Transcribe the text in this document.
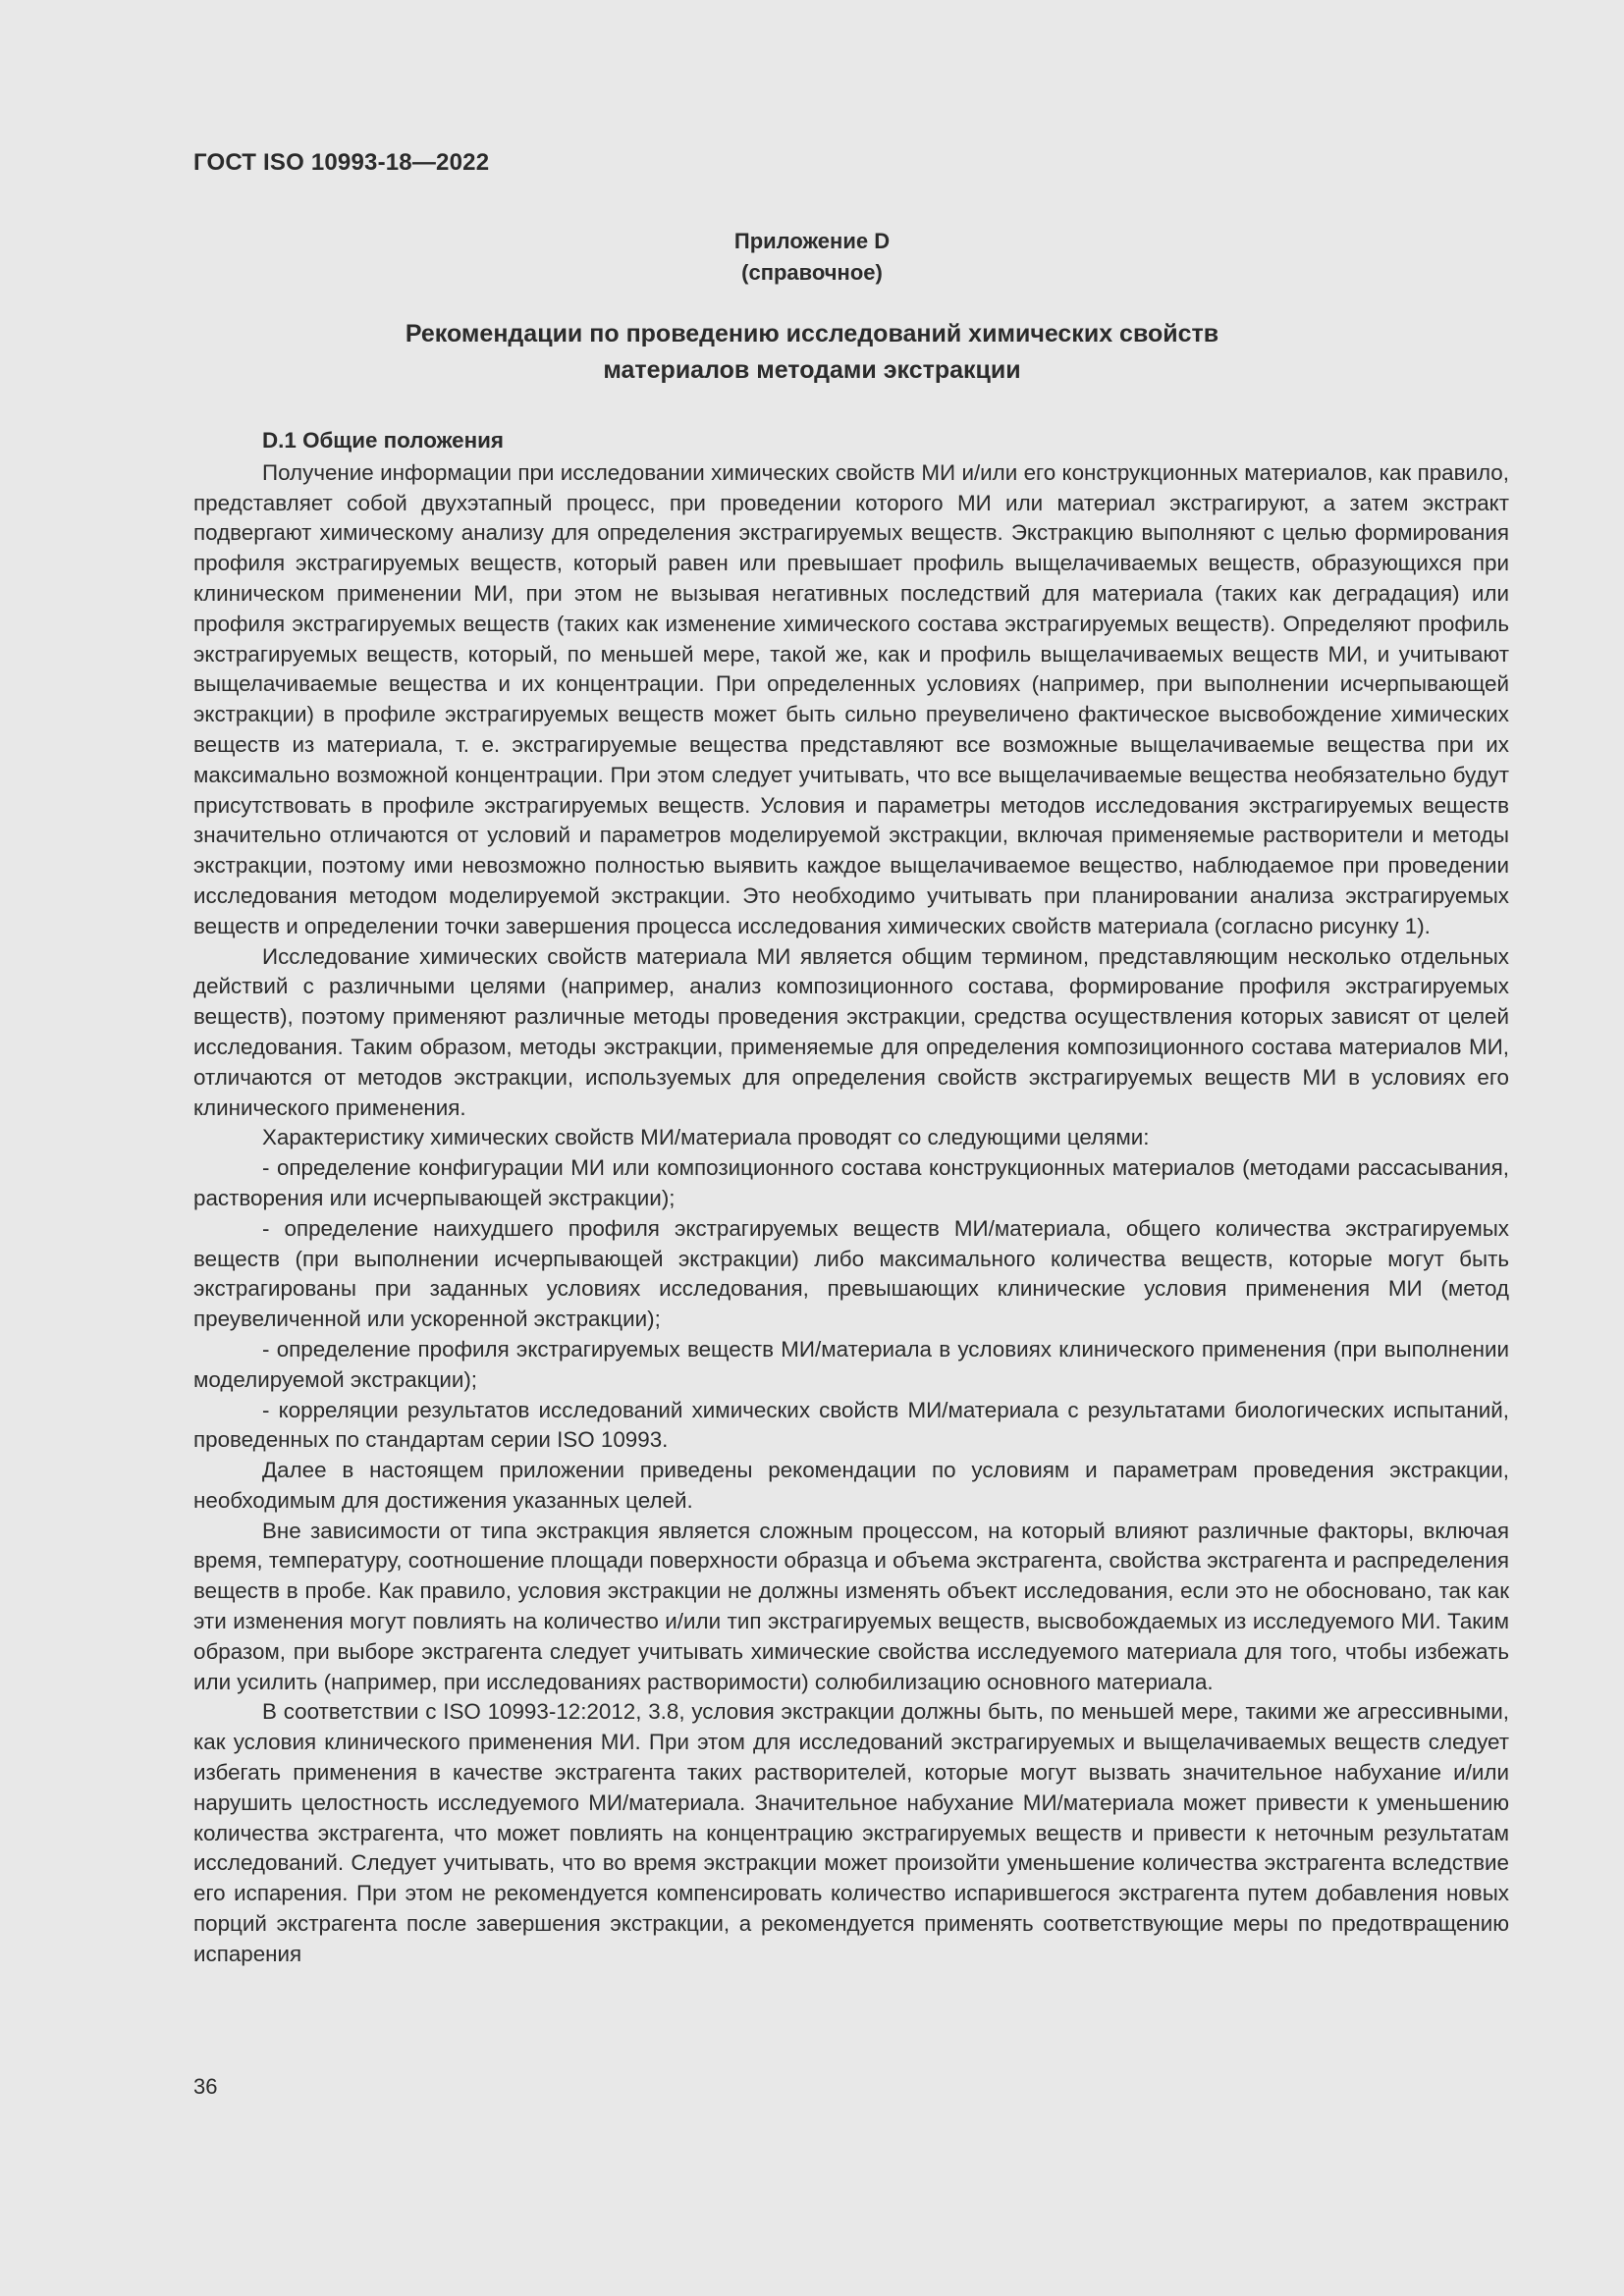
ГОСТ ISO 10993-18—2022
Приложение D
(справочное)
Рекомендации по проведению исследований химических свойств
материалов методами экстракции
D.1 Общие положения

Получение информации при исследовании химических свойств МИ и/или его конструкционных материалов, как правило, представляет собой двухэтапный процесс, при проведении которого МИ или материал экстрагируют, а затем экстракт подвергают химическому анализу для определения экстрагируемых веществ. Экстракцию выполняют с целью формирования профиля экстрагируемых веществ, который равен или превышает профиль выщелачиваемых веществ, образующихся при клиническом применении МИ, при этом не вызывая негативных последствий для материала (таких как деградация) или профиля экстрагируемых веществ (таких как изменение химического состава экстрагируемых веществ). Определяют профиль экстрагируемых веществ, который, по меньшей мере, такой же, как и профиль выщелачиваемых веществ МИ, и учитывают выщелачиваемые вещества и их концентрации. При определенных условиях (например, при выполнении исчерпывающей экстракции) в профиле экстрагируемых веществ может быть сильно преувеличено фактическое высвобождение химических веществ из материала, т. е. экстрагируемые вещества представляют все возможные выщелачиваемые вещества при их максимально возможной концентрации. При этом следует учитывать, что все выщелачиваемые вещества необязательно будут присутствовать в профиле экстрагируемых веществ. Условия и параметры методов исследования экстрагируемых веществ значительно отличаются от условий и параметров моделируемой экстракции, включая применяемые растворители и методы экстракции, поэтому ими невозможно полностью выявить каждое выщелачиваемое вещество, наблюдаемое при проведении исследования методом моделируемой экстракции. Это необходимо учитывать при планировании анализа экстрагируемых веществ и определении точки завершения процесса исследования химических свойств материала (согласно рисунку 1).

Исследование химических свойств материала МИ является общим термином, представляющим несколько отдельных действий с различными целями (например, анализ композиционного состава, формирование профиля экстрагируемых веществ), поэтому применяют различные методы проведения экстракции, средства осуществления которых зависят от целей исследования. Таким образом, методы экстракции, применяемые для определения композиционного состава материалов МИ, отличаются от методов экстракции, используемых для определения свойств экстрагируемых веществ МИ в условиях его клинического применения.

Характеристику химических свойств МИ/материала проводят со следующими целями:

- определение конфигурации МИ или композиционного состава конструкционных материалов (методами рассасывания, растворения или исчерпывающей экстракции);

- определение наихудшего профиля экстрагируемых веществ МИ/материала, общего количества экстрагируемых веществ (при выполнении исчерпывающей экстракции) либо максимального количества веществ, которые могут быть экстрагированы при заданных условиях исследования, превышающих клинические условия применения МИ (метод преувеличенной или ускоренной экстракции);

- определение профиля экстрагируемых веществ МИ/материала в условиях клинического применения (при выполнении моделируемой экстракции);

- корреляции результатов исследований химических свойств МИ/материала с результатами биологических испытаний, проведенных по стандартам серии ISO 10993.

Далее в настоящем приложении приведены рекомендации по условиям и параметрам проведения экстракции, необходимым для достижения указанных целей.

Вне зависимости от типа экстракция является сложным процессом, на который влияют различные факторы, включая время, температуру, соотношение площади поверхности образца и объема экстрагента, свойства экстрагента и распределения веществ в пробе. Как правило, условия экстракции не должны изменять объект исследования, если это не обосновано, так как эти изменения могут повлиять на количество и/или тип экстрагируемых веществ, высвобождаемых из исследуемого МИ. Таким образом, при выборе экстрагента следует учитывать химические свойства исследуемого материала для того, чтобы избежать или усилить (например, при исследованиях растворимости) солюбилизацию основного материала.

В соответствии с ISO 10993-12:2012, 3.8, условия экстракции должны быть, по меньшей мере, такими же агрессивными, как условия клинического применения МИ. При этом для исследований экстрагируемых и выщелачиваемых веществ следует избегать применения в качестве экстрагента таких растворителей, которые могут вызвать значительное набухание и/или нарушить целостность исследуемого МИ/материала. Значительное набухание МИ/материала может привести к уменьшению количества экстрагента, что может повлиять на концентрацию экстрагируемых веществ и привести к неточным результатам исследований. Следует учитывать, что во время экстракции может произойти уменьшение количества экстрагента вследствие его испарения. При этом не рекомендуется компенсировать количество испарившегося экстрагента путем добавления новых порций экстрагента после завершения экстракции, а рекомендуется применять соответствующие меры по предотвращению испарения

36
